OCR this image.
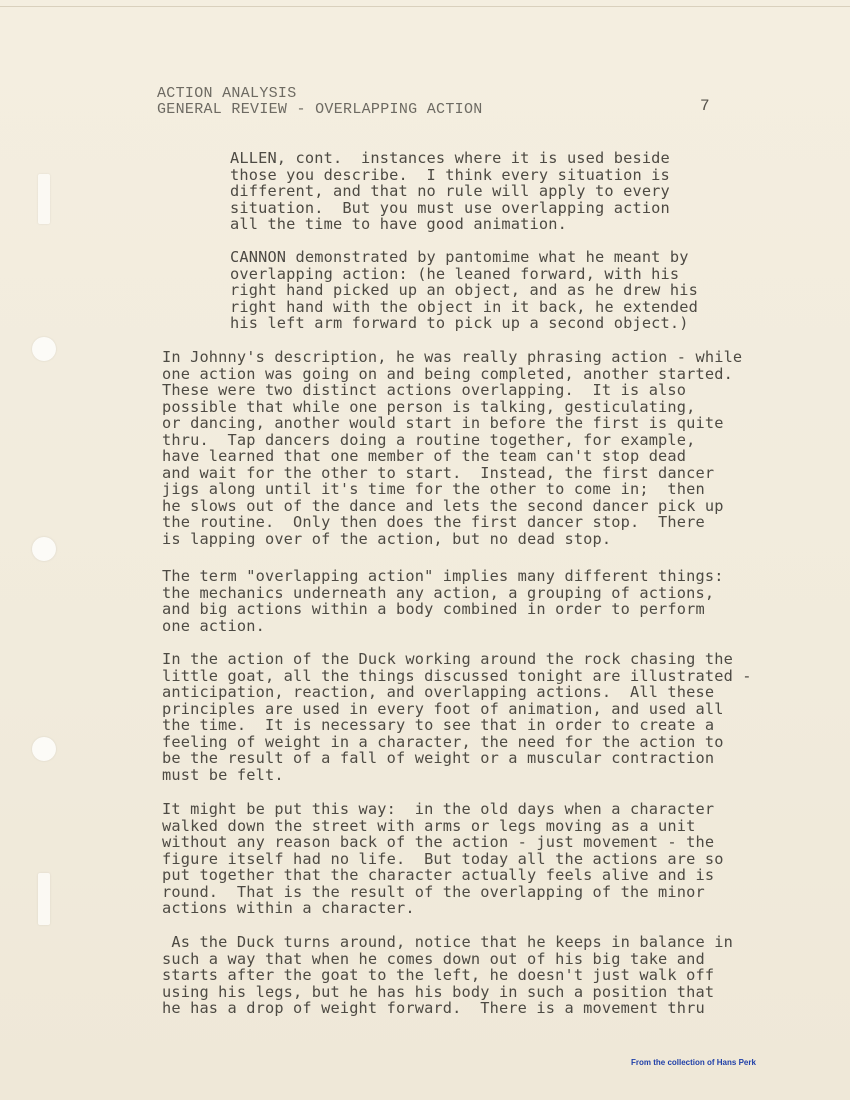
ACTION ANALYSIS
GENERAL REVIEW - OVERLAPPING ACTION	7
ALLEN, cont.  instances where it is used beside
those you describe.  I think every situation is
different, and that no rule will apply to every
situation.  But you must use overlapping action
all the time to have good animation.
CANNON demonstrated by pantomime what he meant by
overlapping action: (he leaned forward, with his
right hand picked up an object, and as he drew his
right hand with the object in it back, he extended
his left arm forward to pick up a second object.)
In Johnny's description, he was really phrasing action - while
one action was going on and being completed, another started.
These were two distinct actions overlapping.  It is also
possible that while one person is talking, gesticulating,
or dancing, another would start in before the first is quite
thru.  Tap dancers doing a routine together, for example,
have learned that one member of the team can't stop dead
and wait for the other to start.  Instead, the first dancer
jigs along until it's time for the other to come in;  then
he slows out of the dance and lets the second dancer pick up
the routine.  Only then does the first dancer stop.  There
is lapping over of the action, but no dead stop.
The term "overlapping action" implies many different things:
the mechanics underneath any action, a grouping of actions,
and big actions within a body combined in order to perform
one action.
In the action of the Duck working around the rock chasing the
little goat, all the things discussed tonight are illustrated -
anticipation, reaction, and overlapping actions.  All these
principles are used in every foot of animation, and used all
the time.  It is necessary to see that in order to create a
feeling of weight in a character, the need for the action to
be the result of a fall of weight or a muscular contraction
must be felt.
It might be put this way:  in the old days when a character
walked down the street with arms or legs moving as a unit
without any reason back of the action - just movement - the
figure itself had no life.  But today all the actions are so
put together that the character actually feels alive and is
round.  That is the result of the overlapping of the minor
actions within a character.
As the Duck turns around, notice that he keeps in balance in
such a way that when he comes down out of his big take and
starts after the goat to the left, he doesn't just walk off
using his legs, but he has his body in such a position that
he has a drop of weight forward.  There is a movement thru
From the collection of Hans Perk
